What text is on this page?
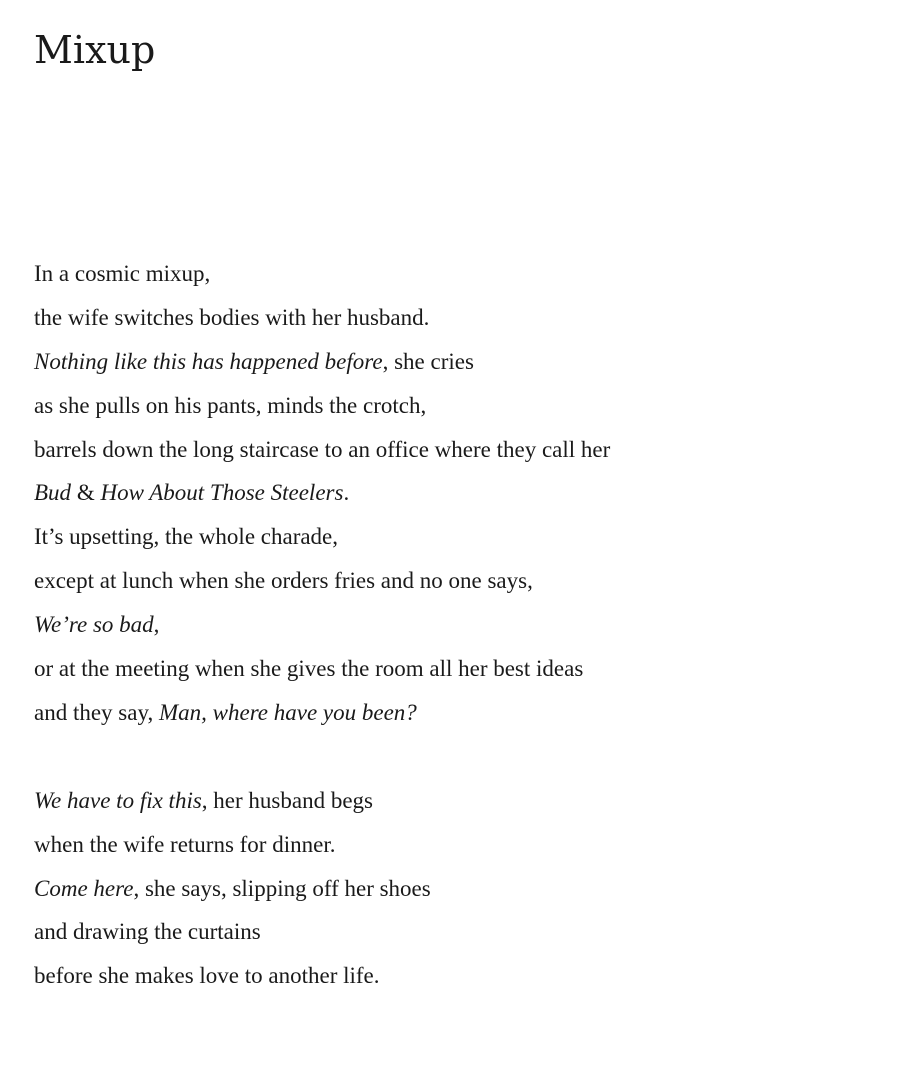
Mixup
In a cosmic mixup,
the wife switches bodies with her husband.
Nothing like this has happened before, she cries
as she pulls on his pants, minds the crotch,
barrels down the long staircase to an office where they call her
Bud & How About Those Steelers.
It’s upsetting, the whole charade,
except at lunch when she orders fries and no one says,
We’re so bad,
or at the meeting when she gives the room all her best ideas
and they say, Man, where have you been?
We have to fix this, her husband begs
when the wife returns for dinner.
Come here, she says, slipping off her shoes
and drawing the curtains
before she makes love to another life.
